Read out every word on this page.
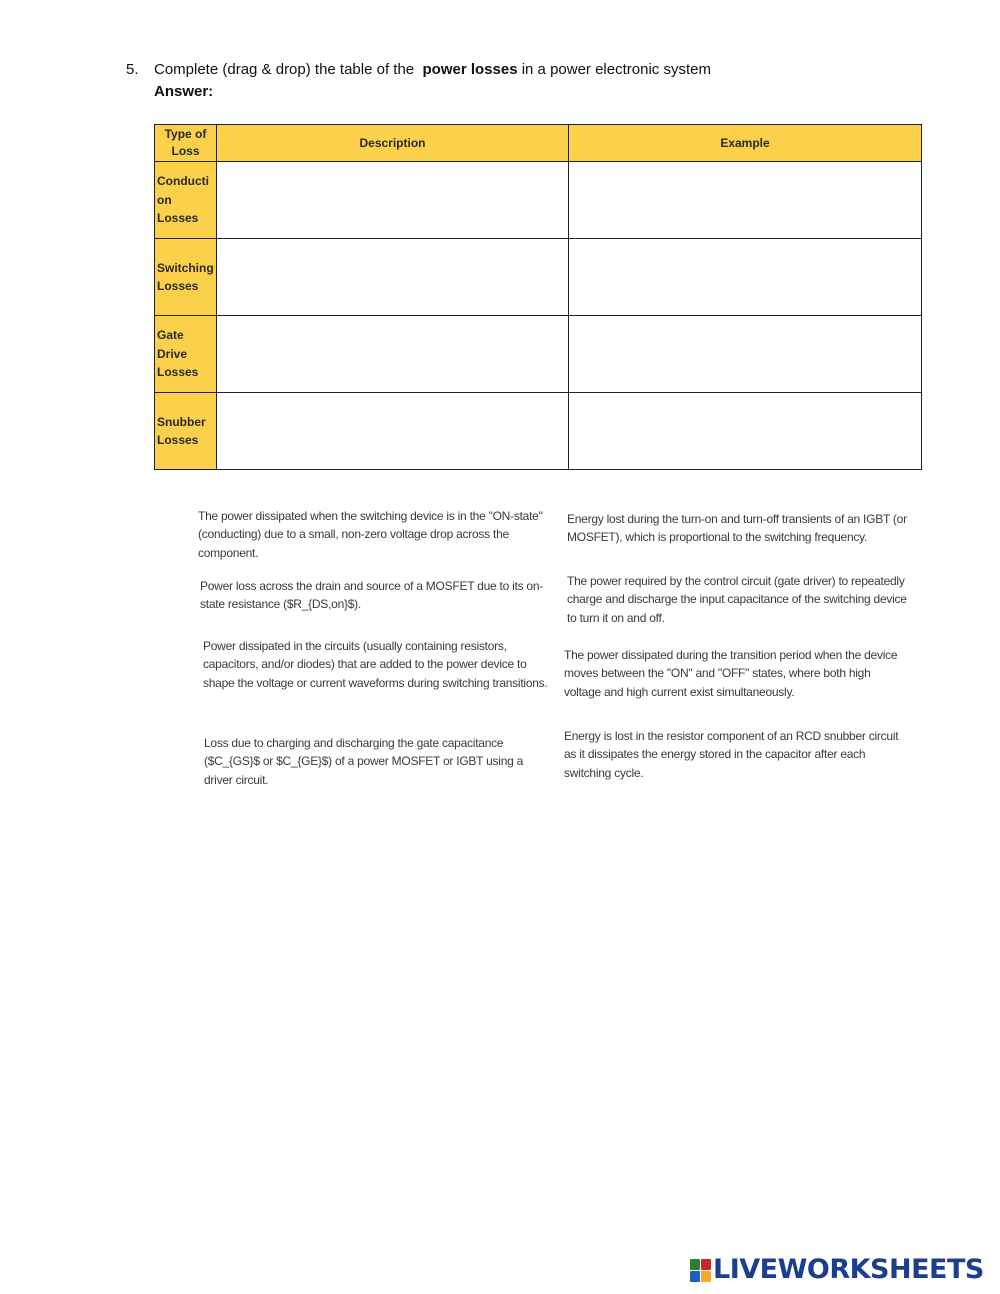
5. Complete (drag & drop) the table of the power losses in a power electronic system
Answer:
Type of Loss	Description	Example
Conducti on Losses		
Switching Losses		
Gate Drive Losses		
Snubber Losses		
The power dissipated when the switching device is in the "ON-state" (conducting) due to a small, non-zero voltage drop across the component.
Energy lost during the turn-on and turn-off transients of an IGBT (or MOSFET), which is proportional to the switching frequency.
Power loss across the drain and source of a MOSFET due to its on-state resistance ($R_{DS,on}$).
The power required by the control circuit (gate driver) to repeatedly charge and discharge the input capacitance of the switching device to turn it on and off.
Power dissipated in the circuits (usually containing resistors, capacitors, and/or diodes) that are added to the power device to shape the voltage or current waveforms during switching transitions.
The power dissipated during the transition period when the device moves between the "ON" and "OFF" states, where both high voltage and high current exist simultaneously.
Loss due to charging and discharging the gate capacitance ($C_{GS}$ or $C_{GE}$) of a power MOSFET or IGBT using a driver circuit.
Energy is lost in the resistor component of an RCD snubber circuit as it dissipates the energy stored in the capacitor after each switching cycle.
LIVEWORKSHEETS
